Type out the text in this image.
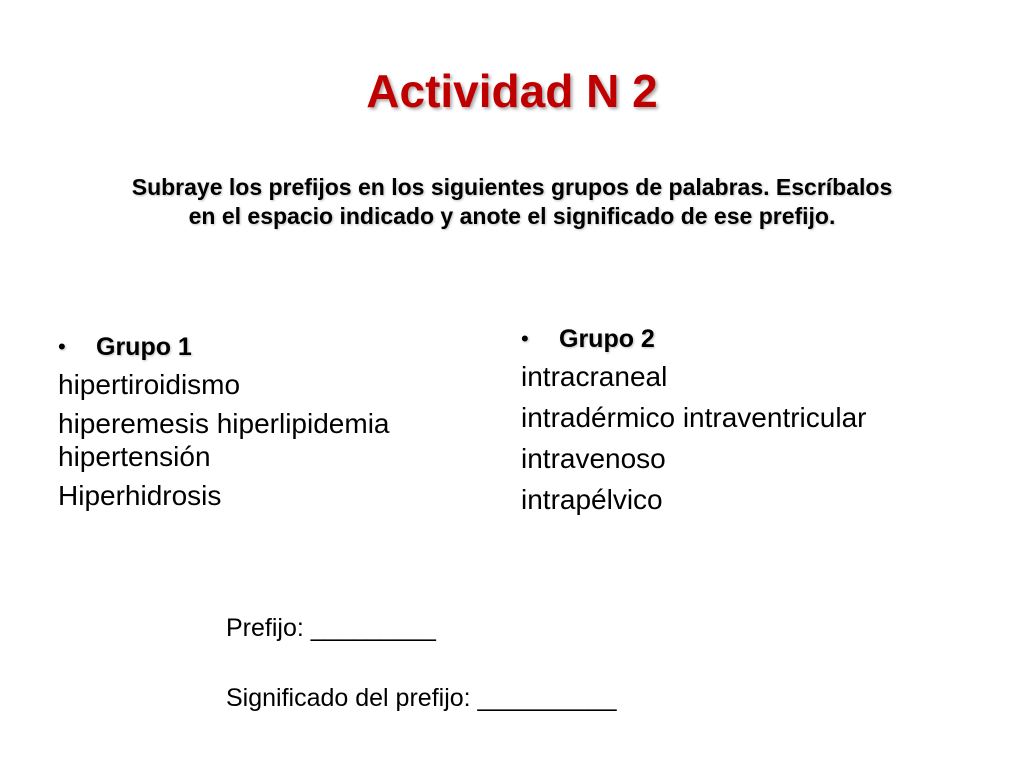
Actividad N 2
Subraye los prefijos en los siguientes grupos de palabras. Escríbalos en el espacio indicado y anote el significado de ese prefijo.
•	Grupo 1
hipertiroidismo
hiperemesis hiperlipidemia hipertensión
Hiperhidrosis
•	Grupo 2
intracraneal
intradérmico intraventricular
intravenoso
intrapélvico
Prefijo: _________
Significado del prefijo: __________
